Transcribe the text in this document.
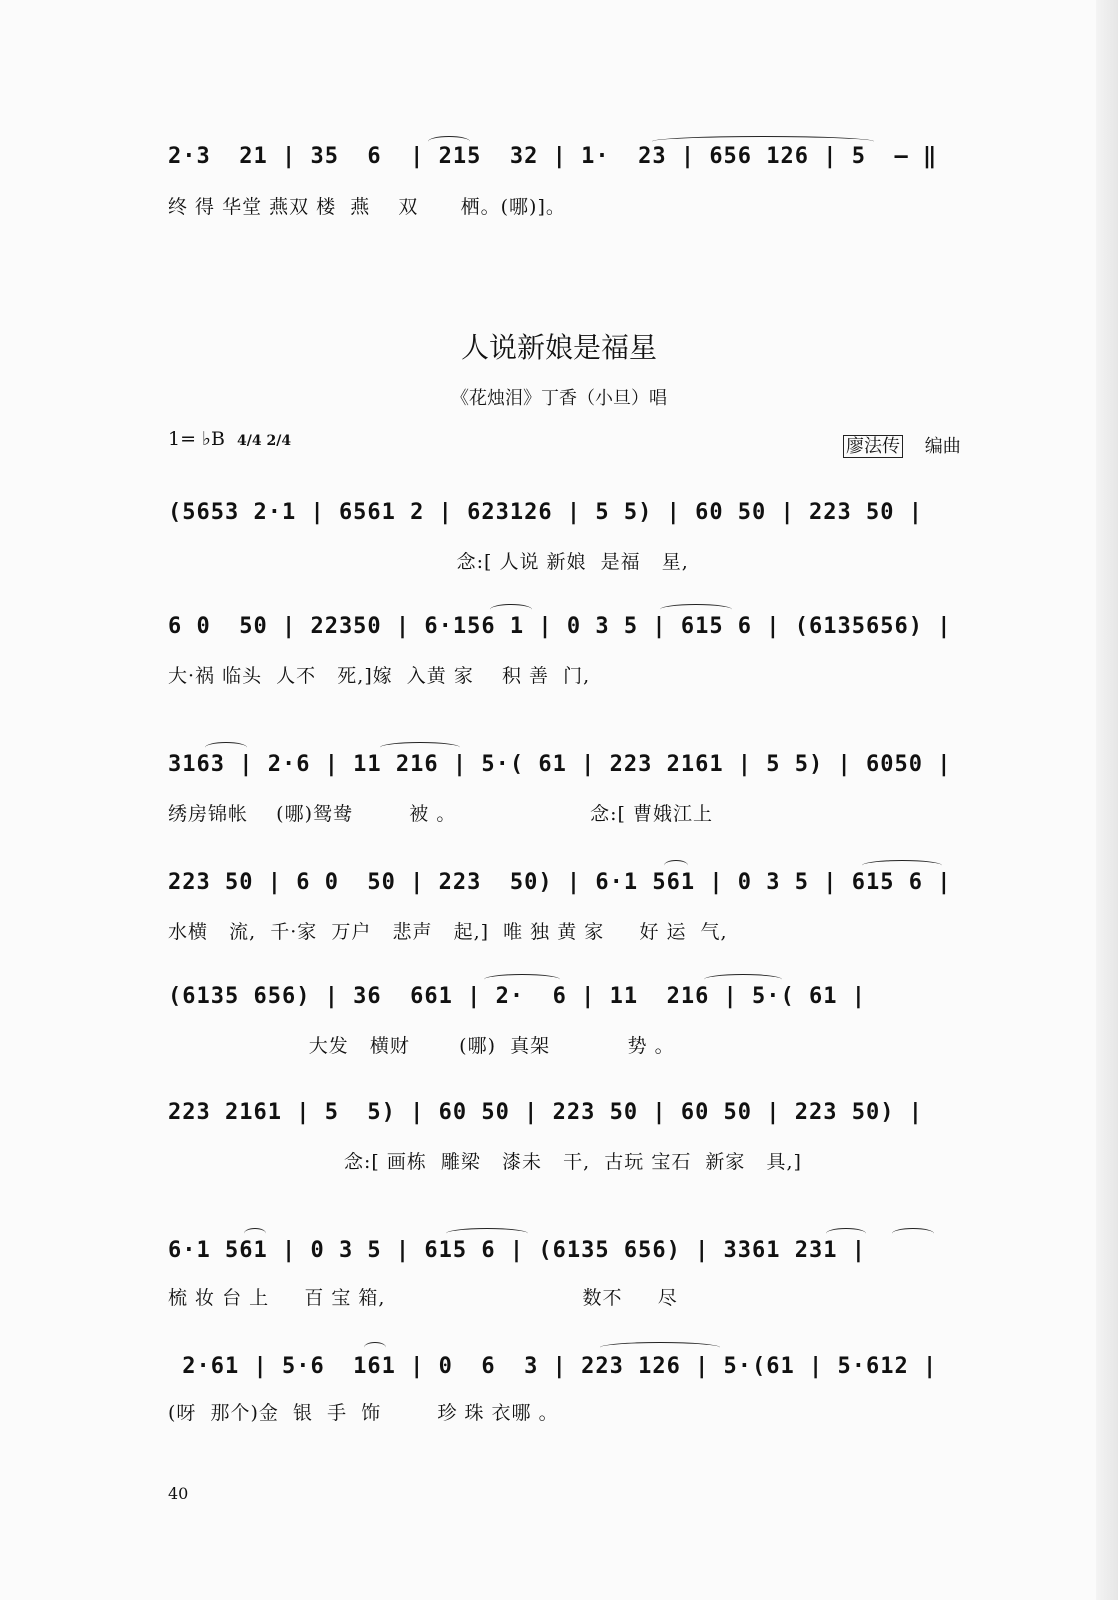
2·3  21 | 35  6  | 215  32 | 1·  23 | 656 126 | 5  — ‖
终 得 华堂 燕双 楼  燕    双      栖。(哪)]。
人说新娘是福星
《花烛泪》丁香（小旦）唱
1= ♭B 4/4 2/4	廖法传 编曲
(5653 2·1 | 6561 2 | 623126 | 5 5) | 60 50 | 223 50 |
念:[ 人说 新娘  是福   星,
6 0  50 | 22350 | 6·156 1 | 0 3 5 | 615 6 | (6135656) |
大·祸 临头  人不   死,]嫁  入黄 家    积 善  门,
3163 | 2·6 | 11 216 | 5·( 61 | 223 2161 | 5 5) | 6050 |
绣房锦帐    (哪)鸳鸯        被 。                   念:[ 曹娥江上
223 50 | 6 0  50 | 223  50) | 6·1 561 | 0 3 5 | 615 6 |
水横   流,  千·家  万户   悲声   起,]  唯 独 黄 家     好 运  气,
(6135 656) | 36  661 | 2·  6 | 11  216 | 5·( 61 |
大发   横财       (哪)  真架           势 。
223 2161 | 5  5) | 60 50 | 223 50 | 60 50 | 223 50) |
念:[ 画栋  雕梁   漆未   干,  古玩 宝石  新家   具,]
6·1 561 | 0 3 5 | 615 6 | (6135 656) | 3361 231 |
梳 妆 台 上     百 宝 箱,                            数不     尽
2·61 | 5·6  161 | 0  6  3 | 223 126 | 5·(61 | 5·612 |
(呀  那个)金  银  手  饰        珍 珠 衣哪 。
40
